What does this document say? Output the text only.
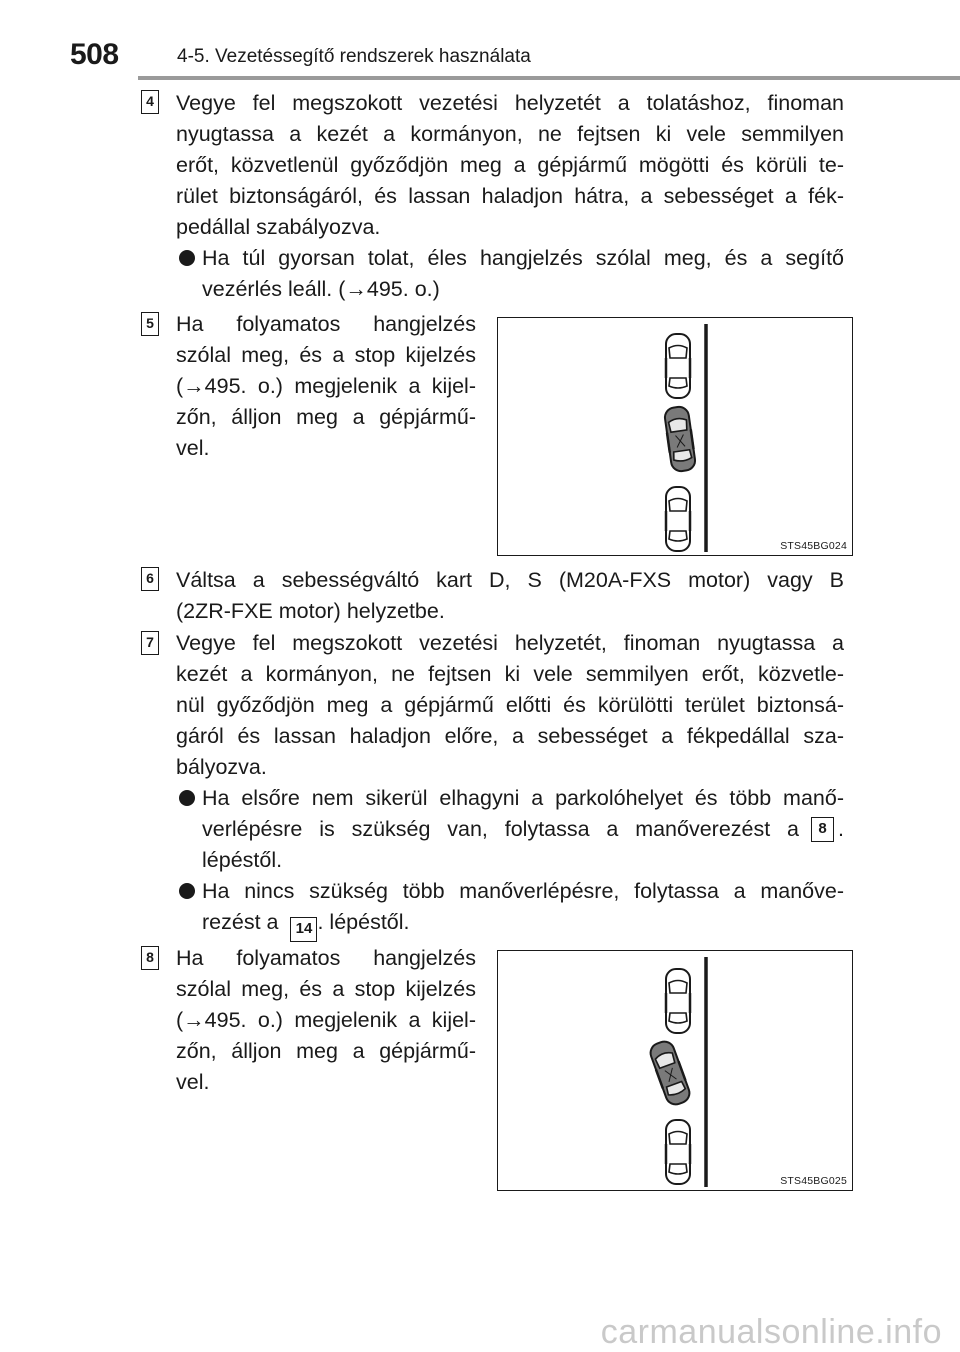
508	4-5. Vezetéssegítő rendszerek használata
4 Vegye fel megszokott vezetési helyzetét a tolatáshoz, finoman
nyugtassa a kezét a kormányon, ne fejtsen ki vele semmilyen
erőt, közvetlenül győződjön meg a gépjármű mögötti és körüli te-
rület biztonságáról, és lassan haladjon hátra, a sebességet a fék-
pedállal szabályozva.
Ha túl gyorsan tolat, éles hangjelzés szólal meg, és a segítő
vezérlés leáll. (→495. o.)
5 Ha folyamatos hangjelzés
szólal meg, és a stop kijelzés
(→495. o.) megjelenik a kijel-
zőn, álljon meg a gépjármű-
vel.
STS45BG024
6 Váltsa a sebességváltó kart D, S (M20A-FXS motor) vagy B
(2ZR-FXE motor) helyzetbe.
7 Vegye fel megszokott vezetési helyzetét, finoman nyugtassa a
kezét a kormányon, ne fejtsen ki vele semmilyen erőt, közvetle-
nül győződjön meg a gépjármű előtti és körülötti terület biztonsá-
gáról és lassan haladjon előre, a sebességet a fékpedállal sza-
bályozva.
Ha elsőre nem sikerül elhagyni a parkolóhelyet és több manő-
verlépésre is szükség van, folytassa a manőverezést a	8 .
lépéstől.
Ha nincs szükség több manőverlépésre, folytassa a manőve-
rezést a 14 . lépéstől.
8 Ha folyamatos hangjelzés
szólal meg, és a stop kijelzés
(→495. o.) megjelenik a kijel-
zőn, álljon meg a gépjármű-
vel.
STS45BG025
carmanualsonline.info
